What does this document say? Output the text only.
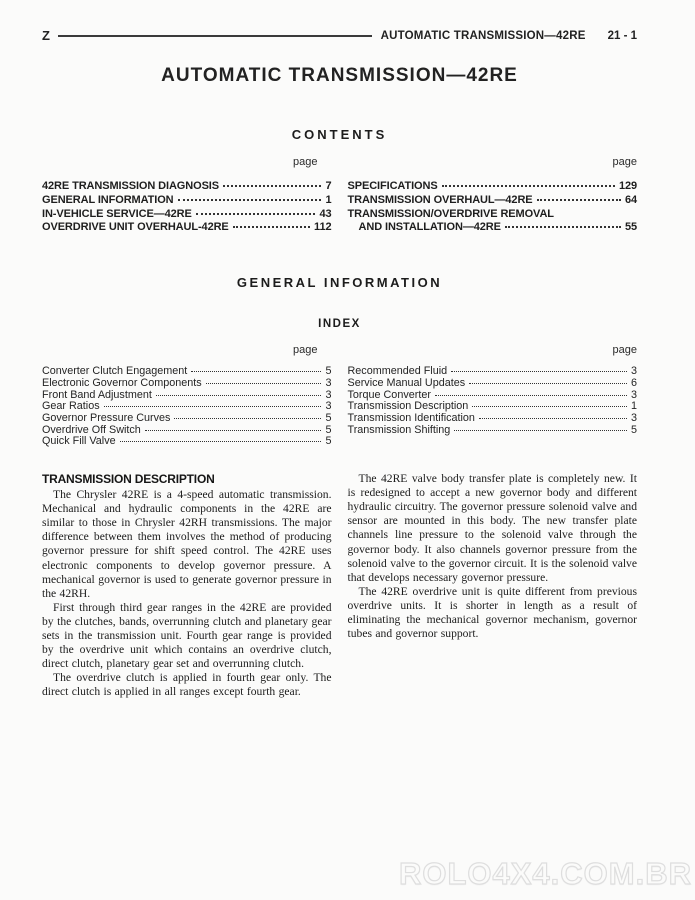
Z	AUTOMATIC TRANSMISSION—42RE 21 - 1
AUTOMATIC TRANSMISSION—42RE
CONTENTS
page	page
42RE TRANSMISSION DIAGNOSIS	7
GENERAL INFORMATION	1
IN-VEHICLE SERVICE—42RE	43
OVERDRIVE UNIT OVERHAUL-42RE	112
SPECIFICATIONS	129
TRANSMISSION OVERHAUL—42RE	64
TRANSMISSION/OVERDRIVE REMOVAL
AND INSTALLATION—42RE	55
GENERAL INFORMATION
INDEX
page	page
Converter Clutch Engagement	5
Electronic Governor Components	3
Front Band Adjustment	3
Gear Ratios	3
Governor Pressure Curves	5
Overdrive Off Switch	5
Quick Fill Valve	5
Recommended Fluid	3
Service Manual Updates	6
Torque Converter	3
Transmission Description	1
Transmission Identification	3
Transmission Shifting	5
TRANSMISSION DESCRIPTION

The Chrysler 42RE is a 4-speed automatic transmission. Mechanical and hydraulic components in the 42RE are similar to those in Chrysler 42RH transmissions. The major difference between them involves the method of producing governor pressure for shift speed control. The 42RE uses electronic components to develop governor pressure. A mechanical governor is used to generate governor pressure in the 42RH.

First through third gear ranges in the 42RE are provided by the clutches, bands, overrunning clutch and planetary gear sets in the transmission unit. Fourth gear range is provided by the overdrive unit which contains an overdrive clutch, direct clutch, planetary gear set and overrunning clutch.

The overdrive clutch is applied in fourth gear only. The direct clutch is applied in all ranges except fourth gear.

The 42RE valve body transfer plate is completely new. It is redesigned to accept a new governor body and different hydraulic circuitry. The governor pressure solenoid valve and sensor are mounted in this body. The new transfer plate channels line pressure to the solenoid valve through the governor body. It also channels governor pressure from the solenoid valve to the governor circuit. It is the solenoid valve that develops necessary governor pressure.

The 42RE overdrive unit is quite different from previous overdrive units. It is shorter in length as a result of eliminating the mechanical governor mechanism, governor tubes and governor support.

ROLO4X4.COM.BR
